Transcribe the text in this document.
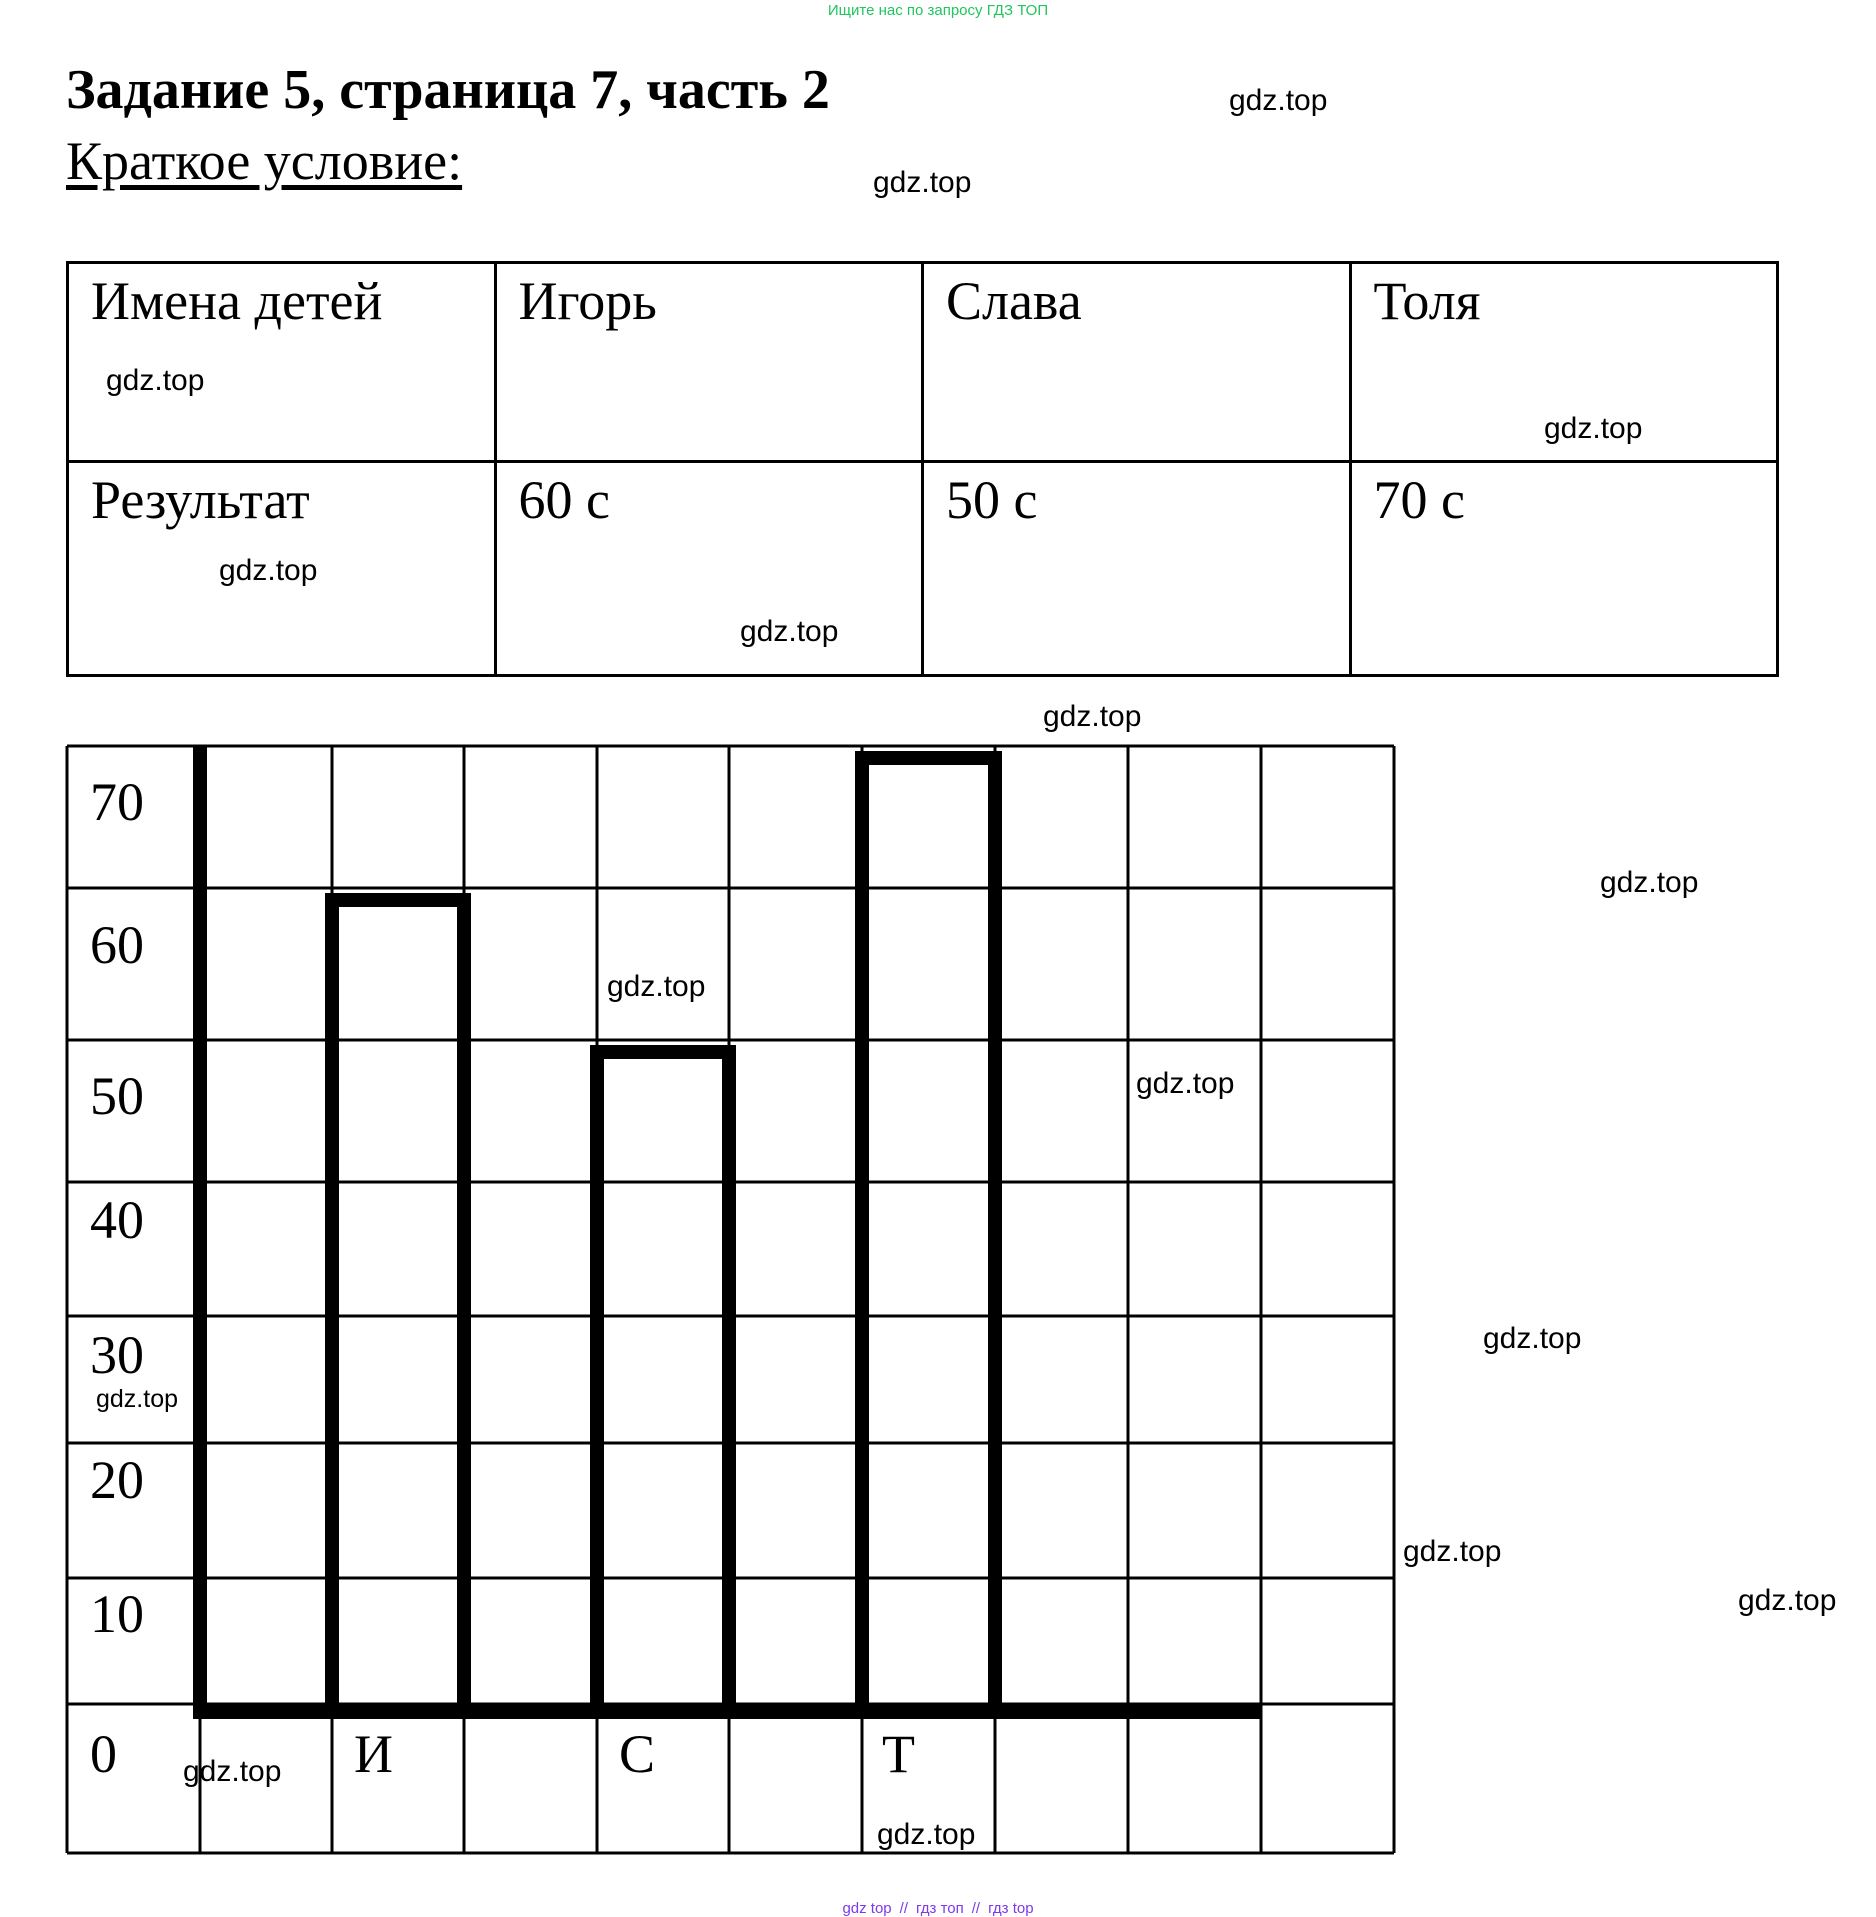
Ищите нас по запросу ГДЗ ТОП
Задание 5, страница 7, часть 2
Краткое условие:
Имена детей	Игорь	Слава	Толя
Результат	60 с	50 с	70 с
70
60
50
40
30
20
10
0	И	С	Т
gdz.top
gdz.top
gdz.top
gdz.top
gdz.top
gdz.top
gdz.top
gdz.top
gdz.top
gdz.top
gdz.top
gdz.top
gdz.top
gdz.top
gdz.top
gdz.top
gdz top // гдз топ // гдз top
